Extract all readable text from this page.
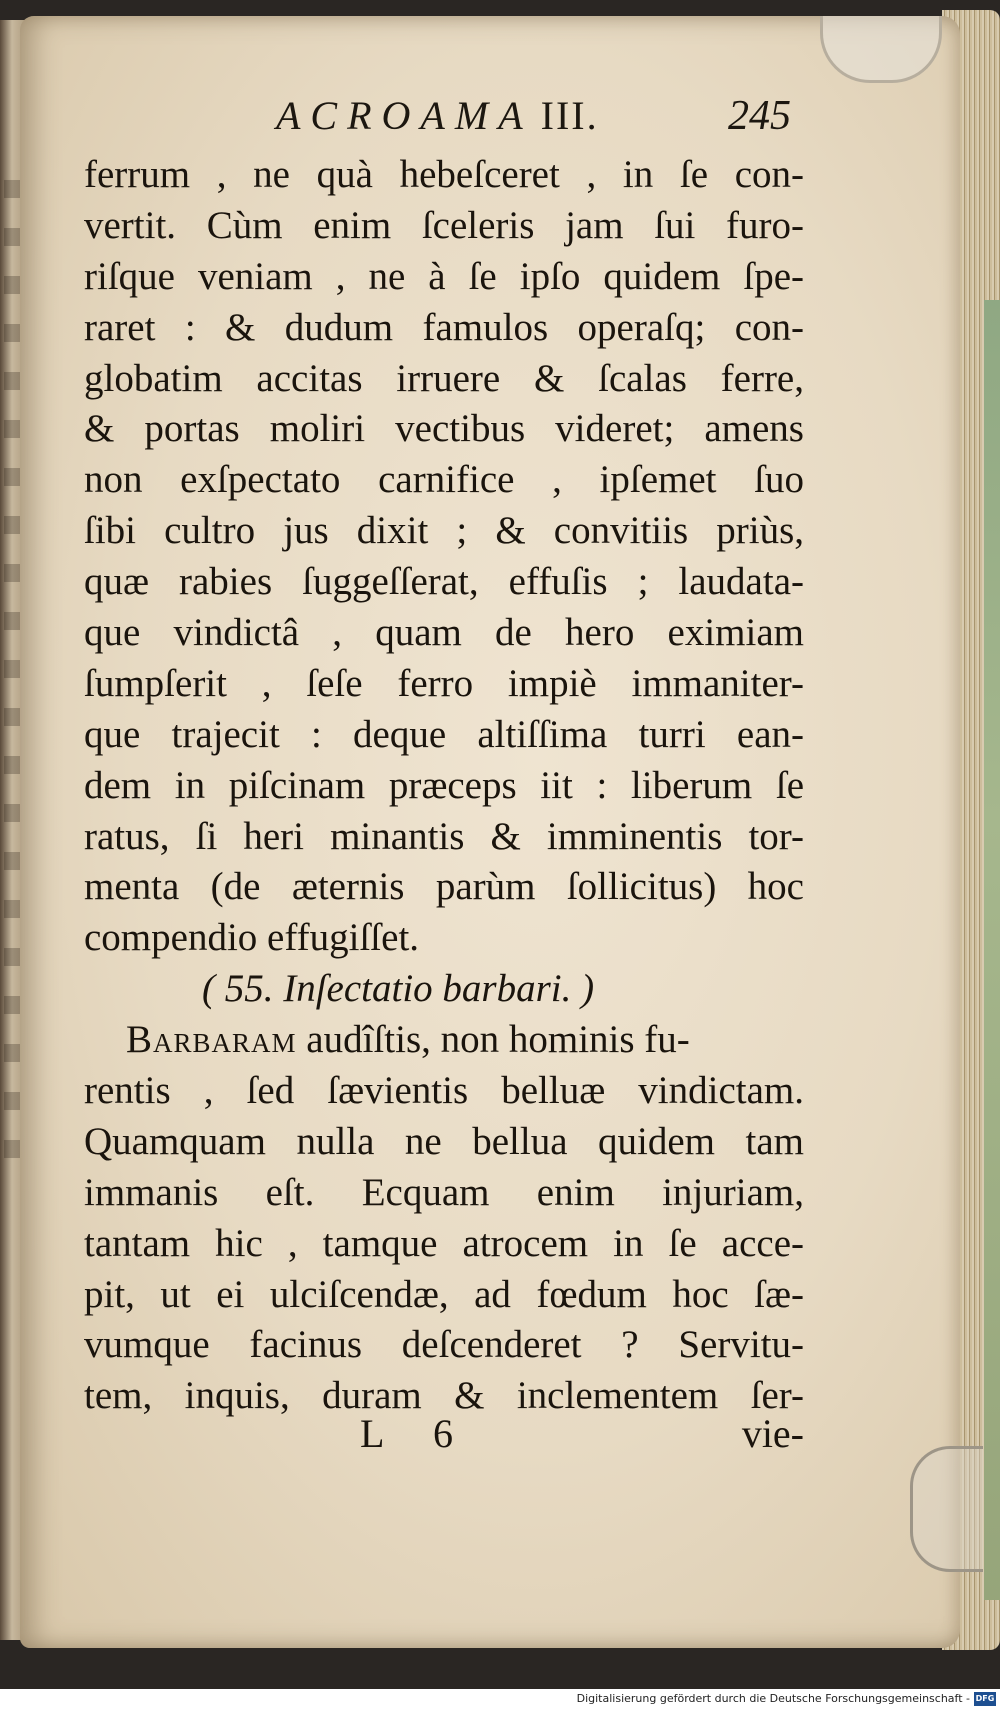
ACROAMA III.	245
ferrum , ne quà hebeſceret , in ſe con-
vertit. Cùm enim ſceleris jam ſui furo-
riſque veniam , ne à ſe ipſo quidem ſpe-
raret : & dudum famulos operaſq; con-
globatim accitas irruere & ſcalas ferre,
& portas moliri vectibus videret; amens
non exſpectato carnifice , ipſemet ſuo
ſibi cultro jus dixit ; & convitiis priùs,
quæ rabies ſuggeſſerat, effuſis ; laudata-
que vindictâ , quam de hero eximiam
ſumpſerit , ſeſe ferro impiè immaniter-
que trajecit : deque altiſſima turri ean-
dem in piſcinam præceps iit : liberum ſe
ratus, ſi heri minantis & imminentis tor-
menta (de æternis parùm ſollicitus) hoc
compendio effugiſſet.
( 55. Inſectatio barbari. )
Barbaram audîſtis, non hominis fu-
rentis , ſed ſævientis belluæ vindictam.
Quamquam nulla ne bellua quidem tam
immanis eſt. Ecquam enim injuriam,
tantam hic , tamque atrocem in ſe acce-
pit, ut ei ulciſcendæ, ad fœdum hoc ſæ-
vumque facinus deſcenderet ? Servitu-
tem, inquis, duram & inclementem ſer-
L 6	vie-
Digitalisierung gefördert durch die Deutsche Forschungsgemeinschaft - DFG
